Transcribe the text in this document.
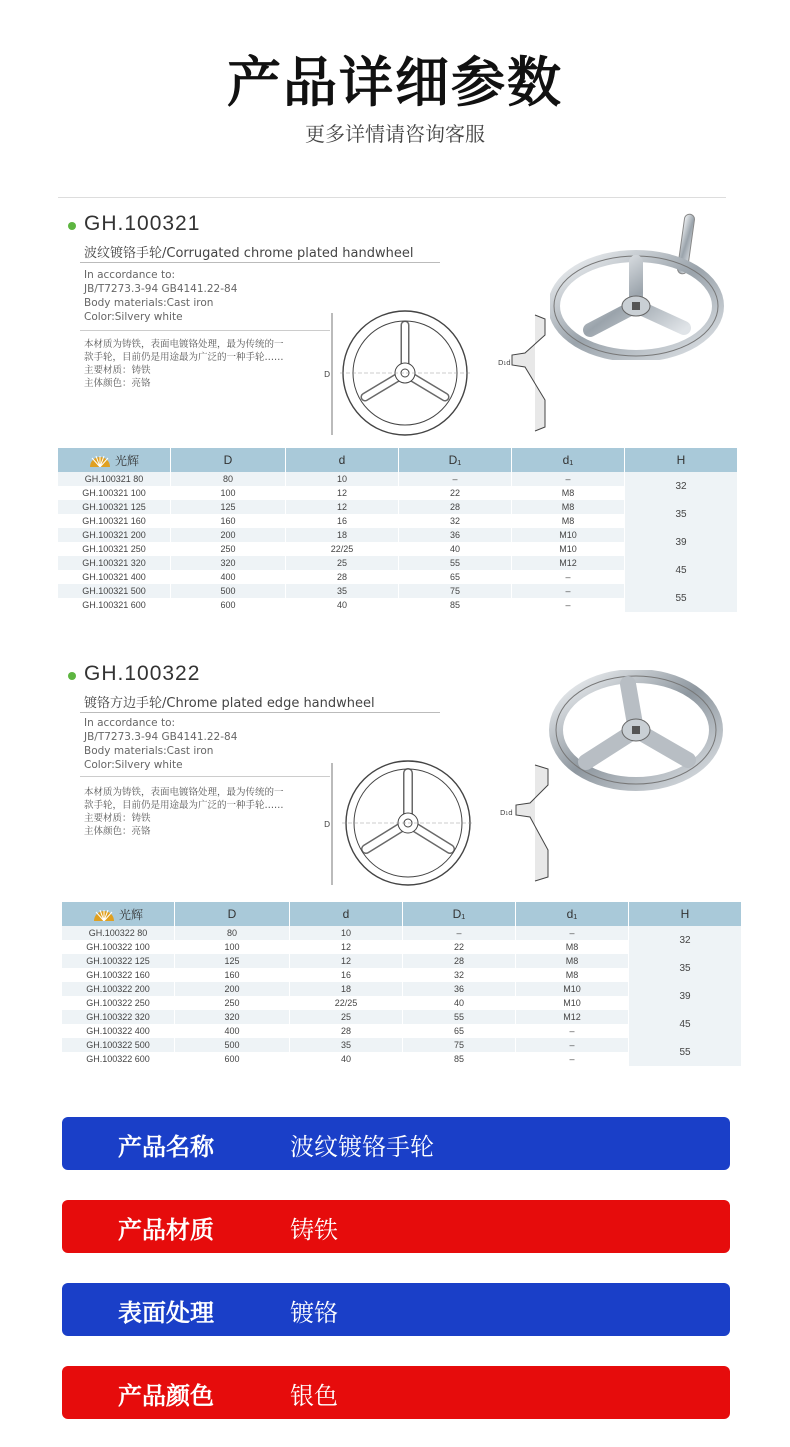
产品详细参数
更多详情请咨询客服
GH.100321
波纹镀铬手轮/Corrugated chrome plated handwheel
In accordance to:
JB/T7273.3-94 GB4141.22-84
Body materials:Cast iron
Color:Silvery white
本材质为铸铁，表面电镀铬处理，最为传统的一
款手轮，目前仍是用途最为广泛的一种手轮……
主要材质：铸铁
主体颜色：亮铬
D
D₁d
光辉	D	d	D₁	d₁	H
GH.100321 80	80	10	–	–	32
GH.100321 100	100	12	22	M8	
GH.100321 125	125	12	28	M8	35
GH.100321 160	160	16	32	M8	
GH.100321 200	200	18	36	M10	39
GH.100321 250	250	22/25	40	M10	
GH.100321 320	320	25	55	M12	45
GH.100321 400	400	28	65	–	
GH.100321 500	500	35	75	–	55
GH.100321 600	600	40	85	–	
GH.100322
镀铬方边手轮/Chrome plated edge handwheel
In accordance to:
JB/T7273.3-94 GB4141.22-84
Body materials:Cast iron
Color:Silvery white
本材质为铸铁，表面电镀铬处理，最为传统的一
款手轮，目前仍是用途最为广泛的一种手轮……
主要材质：铸铁
主体颜色：亮铬
D
D₁d
光辉	D	d	D₁	d₁	H
GH.100322 80	80	10	–	–	32
GH.100322 100	100	12	22	M8	
GH.100322 125	125	12	28	M8	35
GH.100322 160	160	16	32	M8	
GH.100322 200	200	18	36	M10	39
GH.100322 250	250	22/25	40	M10	
GH.100322 320	320	25	55	M12	45
GH.100322 400	400	28	65	–	
GH.100322 500	500	35	75	–	55
GH.100322 600	600	40	85	–	
产品名称	波纹镀铬手轮
产品材质	铸铁
表面处理	镀铬
产品颜色	银色
